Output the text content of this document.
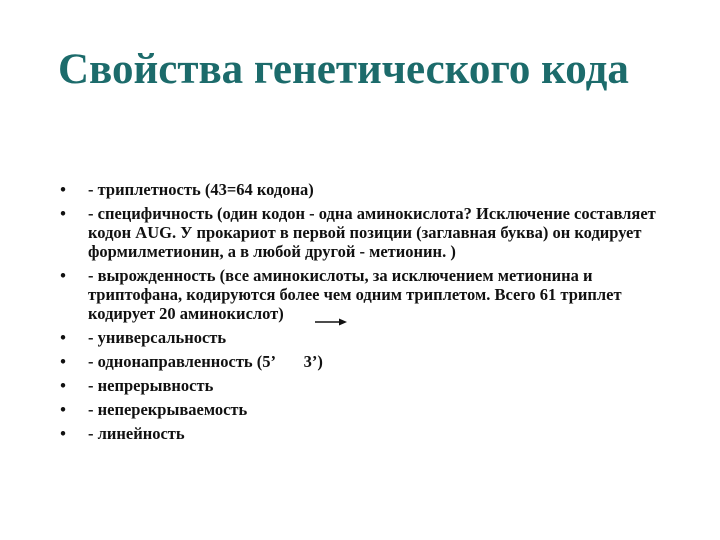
Свойства генетического кода
• - триплетность (43=64 кодона)
• - специфичность (один кодон - одна аминокислота? Исключение составляет кодон AUG. У прокариот в первой позиции (заглавная буква) он кодирует формилметионин, а в любой другой - метионин. )
• - вырожденность (все аминокислоты, за исключением метионина и триптофана, кодируются более чем одним триплетом. Всего 61 триплет кодирует 20 аминокислот)
• - универсальность
• - однонаправленность (5’       3’)
• - непрерывность
• - неперекрываемость
• - линейность
